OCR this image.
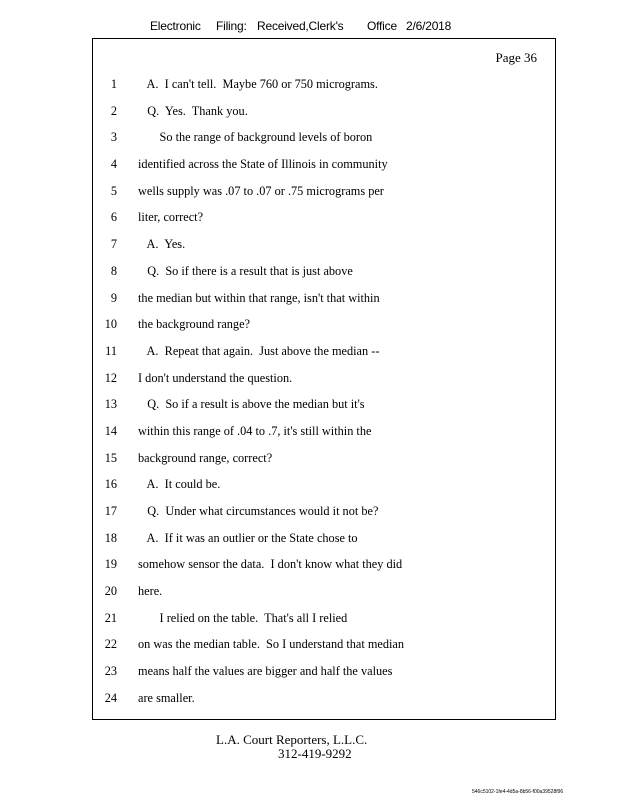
Electronic Filing: Received,Clerk's Office 2/6/2018
Page 36
1 A.  I can't tell.  Maybe 760 or 750 micrograms.
2 Q.  Yes.  Thank you.
3 So the range of background levels of boron
4 identified across the State of Illinois in community
5 wells supply was .07 to .07 or .75 micrograms per
6 liter, correct?
7 A.  Yes.
8 Q.  So if there is a result that is just above
9 the median but within that range, isn't that within
10 the background range?
11 A.  Repeat that again.  Just above the median --
12 I don't understand the question.
13 Q.  So if a result is above the median but it's
14 within this range of .04 to .7, it's still within the
15 background range, correct?
16 A.  It could be.
17 Q.  Under what circumstances would it not be?
18 A.  If it was an outlier or the State chose to
19 somehow sensor the data.  I don't know what they did
20 here.
21 I relied on the table.  That's all I relied
22 on was the median table.  So I understand that median
23 means half the values are bigger and half the values
24 are smaller.
L.A. Court Reporters, L.L.C.
312-419-9292
546c5102-1fe4-4d5a-8b56-f00a39528f96
